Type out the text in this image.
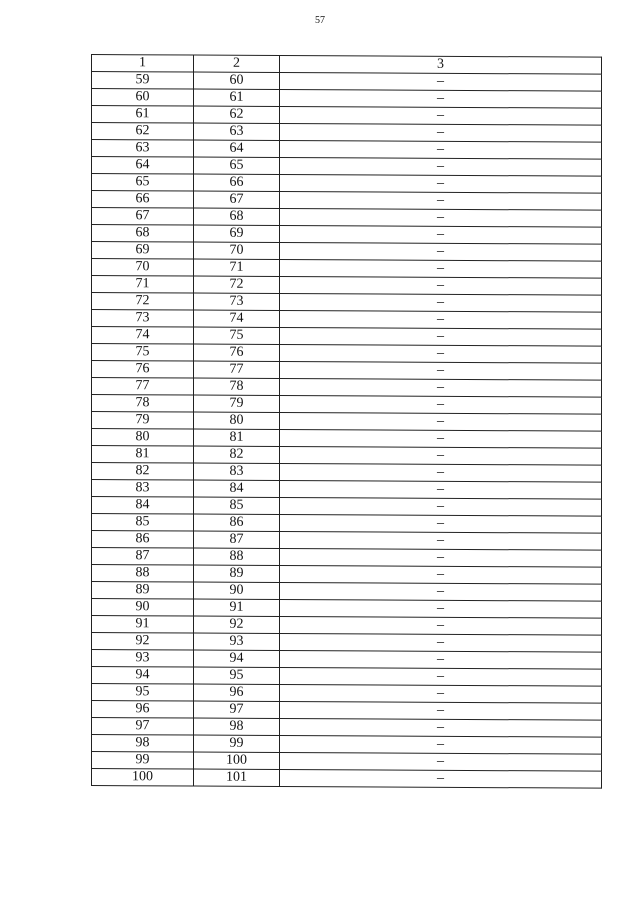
57
1	2	3
59	60	–
60	61	–
61	62	–
62	63	–
63	64	–
64	65	–
65	66	–
66	67	–
67	68	–
68	69	–
69	70	–
70	71	–
71	72	–
72	73	–
73	74	–
74	75	–
75	76	–
76	77	–
77	78	–
78	79	–
79	80	–
80	81	–
81	82	–
82	83	–
83	84	–
84	85	–
85	86	–
86	87	–
87	88	–
88	89	–
89	90	–
90	91	–
91	92	–
92	93	–
93	94	–
94	95	–
95	96	–
96	97	–
97	98	–
98	99	–
99	100	–
100	101	–
